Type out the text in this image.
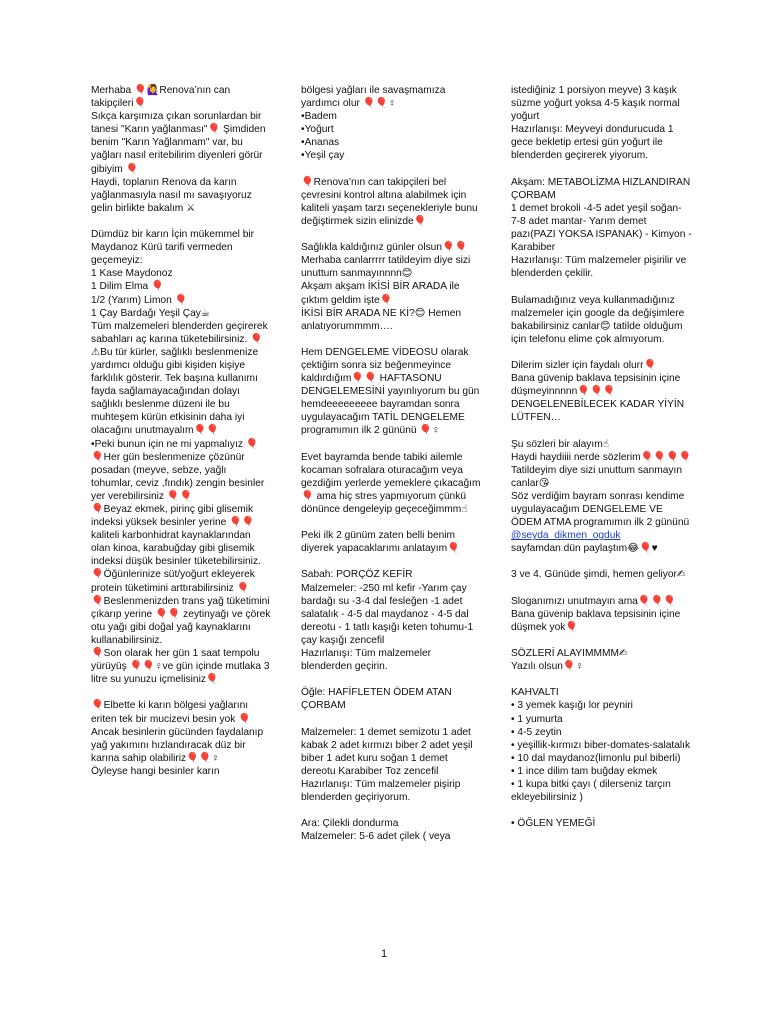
Merhaba 🎈🙋‍♀️Renova’nın can takipçileri🎈

Sıkça karşımıza çıkan sorunlardan bir tanesi "Karın yağlanması"🎈 Şimdiden benim "Karın Yağlanmam" var, bu yağları nasıl eritebilirim diyenleri görür gibiyim 🎈

Haydi, toplanın Renova da karın yağlanmasıyla nasıl mı savaşıyoruz gelin birlikte bakalım ⚔

Dümdüz bir karın İçin mükemmel bir Maydanoz Kürü tarifi vermeden geçemeyiz:

1 Kase Maydonoz

1 Dilim Elma 🎈

1/2 (Yarım) Limon 🎈

1 Çay Bardağı Yeşil Çay☕

Tüm malzemeleri blenderden geçirerek sabahları aç karına tüketebilirsiniz. 🎈

⚠Bu tür kürler, sağlıklı beslenmenize yardımcı olduğu gibi kişiden kişiye farklılık gösterir. Tek başına kullanımı fayda sağlamayacağından dolayı sağlıklı beslenme düzeni ile bu muhteşem kürün etkisinin daha iyi olacağını unutmayalım🎈🎈

•Peki bunun için ne mi yapmalıyız 🎈

🎈Her gün beslenmenize çözünür posadan (meyve, sebze, yağlı tohumlar, ceviz ,fındık) zengin besinler yer verebilirsiniz 🎈🎈

🎈Beyaz ekmek, pirinç gibi glisemik indeksi yüksek besinler yerine 🎈🎈 kaliteli karbonhidrat kaynaklarından olan kinoa, karabuğday gibi glisemik indeksi düşük besinler tüketebilirsiniz.

🎈Öğünlerinize süt/yoğurt ekleyerek protein tüketimini arttırabilirsiniz 🎈

🎈Beslenmenizden trans yağ tüketimini çıkarıp yerine 🎈🎈 zeytinyağı ve çörek otu yağı gibi doğal yağ kaynaklarını kullanabilirsiniz.

🎈Son olarak her gün 1 saat tempolu yürüyüş 🎈🎈♀ve gün içinde mutlaka 3 litre su yunuzu içmelisiniz🎈

🎈Elbette ki karın bölgesi yağlarını eriten tek bir mucizevi besin yok 🎈 Ancak besinlerin gücünden faydalanıp yağ yakımını hızlandıracak düz bir karına sahip olabiliriz🎈🎈♀

Öyleyse hangi besinler karın

bölgesi yağları ile savaşmamıza yardımcı olur 🎈🎈♀

•Badem

•Yoğurt

•Ananas

•Yeşil çay

🎈Renova’nın can takipçileri bel çevresini kontrol altına alabilmek için kaliteli yaşam tarzı seçenekleriyle bunu değiştirmek sizin elinizde🎈

Sağlıkla kaldığınız günler olsun🎈🎈

Merhaba canlarrrrr tatildeyim diye sizi unuttum sanmayınnnn😊

Akşam akşam İKİSİ BİR ARADA ile çıktım geldim işte🎈

İKİSİ BİR ARADA NE Kİ?😊 Hemen anlatıyorummmm….

Hem DENGELEME VİDEOSU olarak çektiğim sonra siz beğenmeyince kaldırdığım🎈🎈 HAFTASONU DENGELEMESİNİ yayınlıyorum bu gün hemdeeeeeeeee bayramdan sonra uygulayacağım TATİL DENGELEME programımın ilk 2 gününü 🎈♀

Evet bayramda bende tabiki ailemle kocaman sofralara oturacağım veya gezdiğim yerlerde yemeklere çıkacağım🎈 ama hiç stres yapmıyorum çünkü dönünce dengeleyip geçeceğimmm☝

Peki ilk 2 günüm zaten belli benim diyerek yapacaklarımı anlatayım🎈

Sabah: PORÇÖZ KEFİR

Malzemeler: -250 ml kefir -Yarım çay bardağı su -3-4 dal fesleğen -1 adet salatalık - 4-5 dal maydanoz - 4-5 dal dereotu - 1 tatlı kaşığı keten tohumu-1 çay kaşığı zencefil

Hazırlanışı: Tüm malzemeler blenderden geçirin.

Öğle: HAFİFLETEN ÖDEM ATAN ÇORBAM

Malzemeler: 1 demet semizotu 1 adet kabak 2 adet kırmızı biber 2 adet yeşil biber 1 adet kuru soğan 1 demet dereotu Karabiber Toz zencefil

Hazırlanışı: Tüm malzemeler pişirip blenderden geçiriyorum.

Ara: Çilekli dondurma

Malzemeler: 5-6 adet çilek ( veya

istediğiniz 1 porsiyon meyve) 3 kaşık süzme yoğurt yoksa 4-5 kaşık normal yoğurt

Hazırlanışı: Meyveyi dondurucuda 1 gece bekletip ertesi gün yoğurt ile blenderden geçirerek yiyorum.

Akşam: METABOLİZMA HIZLANDIRAN ÇORBAM

1 demet brokoli -4-5 adet yeşil soğan- 7-8 adet mantar- Yarım demet pazı(PAZI YOKSA ISPANAK) - Kimyon -Karabiber

Hazırlanışı: Tüm malzemeler pişirilir ve blenderden çekilir.

Bulamadığınız veya kullanmadığınız malzemeler için google da değişimlere bakabilirsiniz canlar😊 tatilde olduğum için telefonu elime çok almıyorum.

Dilerim sizler için faydalı olurr🎈

Bana güvenip baklava tepsisinin içine düşmeyinnnnn🎈🎈🎈 DENGELENEBİLECEK KADAR YİYİN LÜTFEN…

Şu sözleri bir alayım☝

Haydi haydiiii nerde sözlerim🎈🎈🎈🎈

Tatildeyim diye sizi unuttum sanmayın canlar😘

Söz verdiğim bayram sonrası kendime uygulayacağım DENGELEME VE ÖDEM ATMA programımın ilk 2 gününü

@seyda_dikmen_ogduk

sayfamdan dün paylaştım😂🎈♥

3 ve 4. Günüde şimdi, hemen geliyor✍

Sloganımızı unutmayın ama🎈🎈🎈

Bana güvenip baklava tepsisinin içine düşmek yok🎈

SÖZLERİ ALAYIMMMM✍

Yazılı olsun🎈♀

KAHVALTI

• 3 yemek kaşığı lor peyniri

• 1 yumurta

• 4-5 zeytin

• yeşillik-kırmızı biber-domates-salatalık

• 10 dal maydanoz(limonlu pul biberli)

• 1 ince dilim tam buğday ekmek

• 1 kupa bitki çayı ( dilerseniz tarçın ekleyebilirsiniz )

• ÖĞLEN YEMEĞİ

1
